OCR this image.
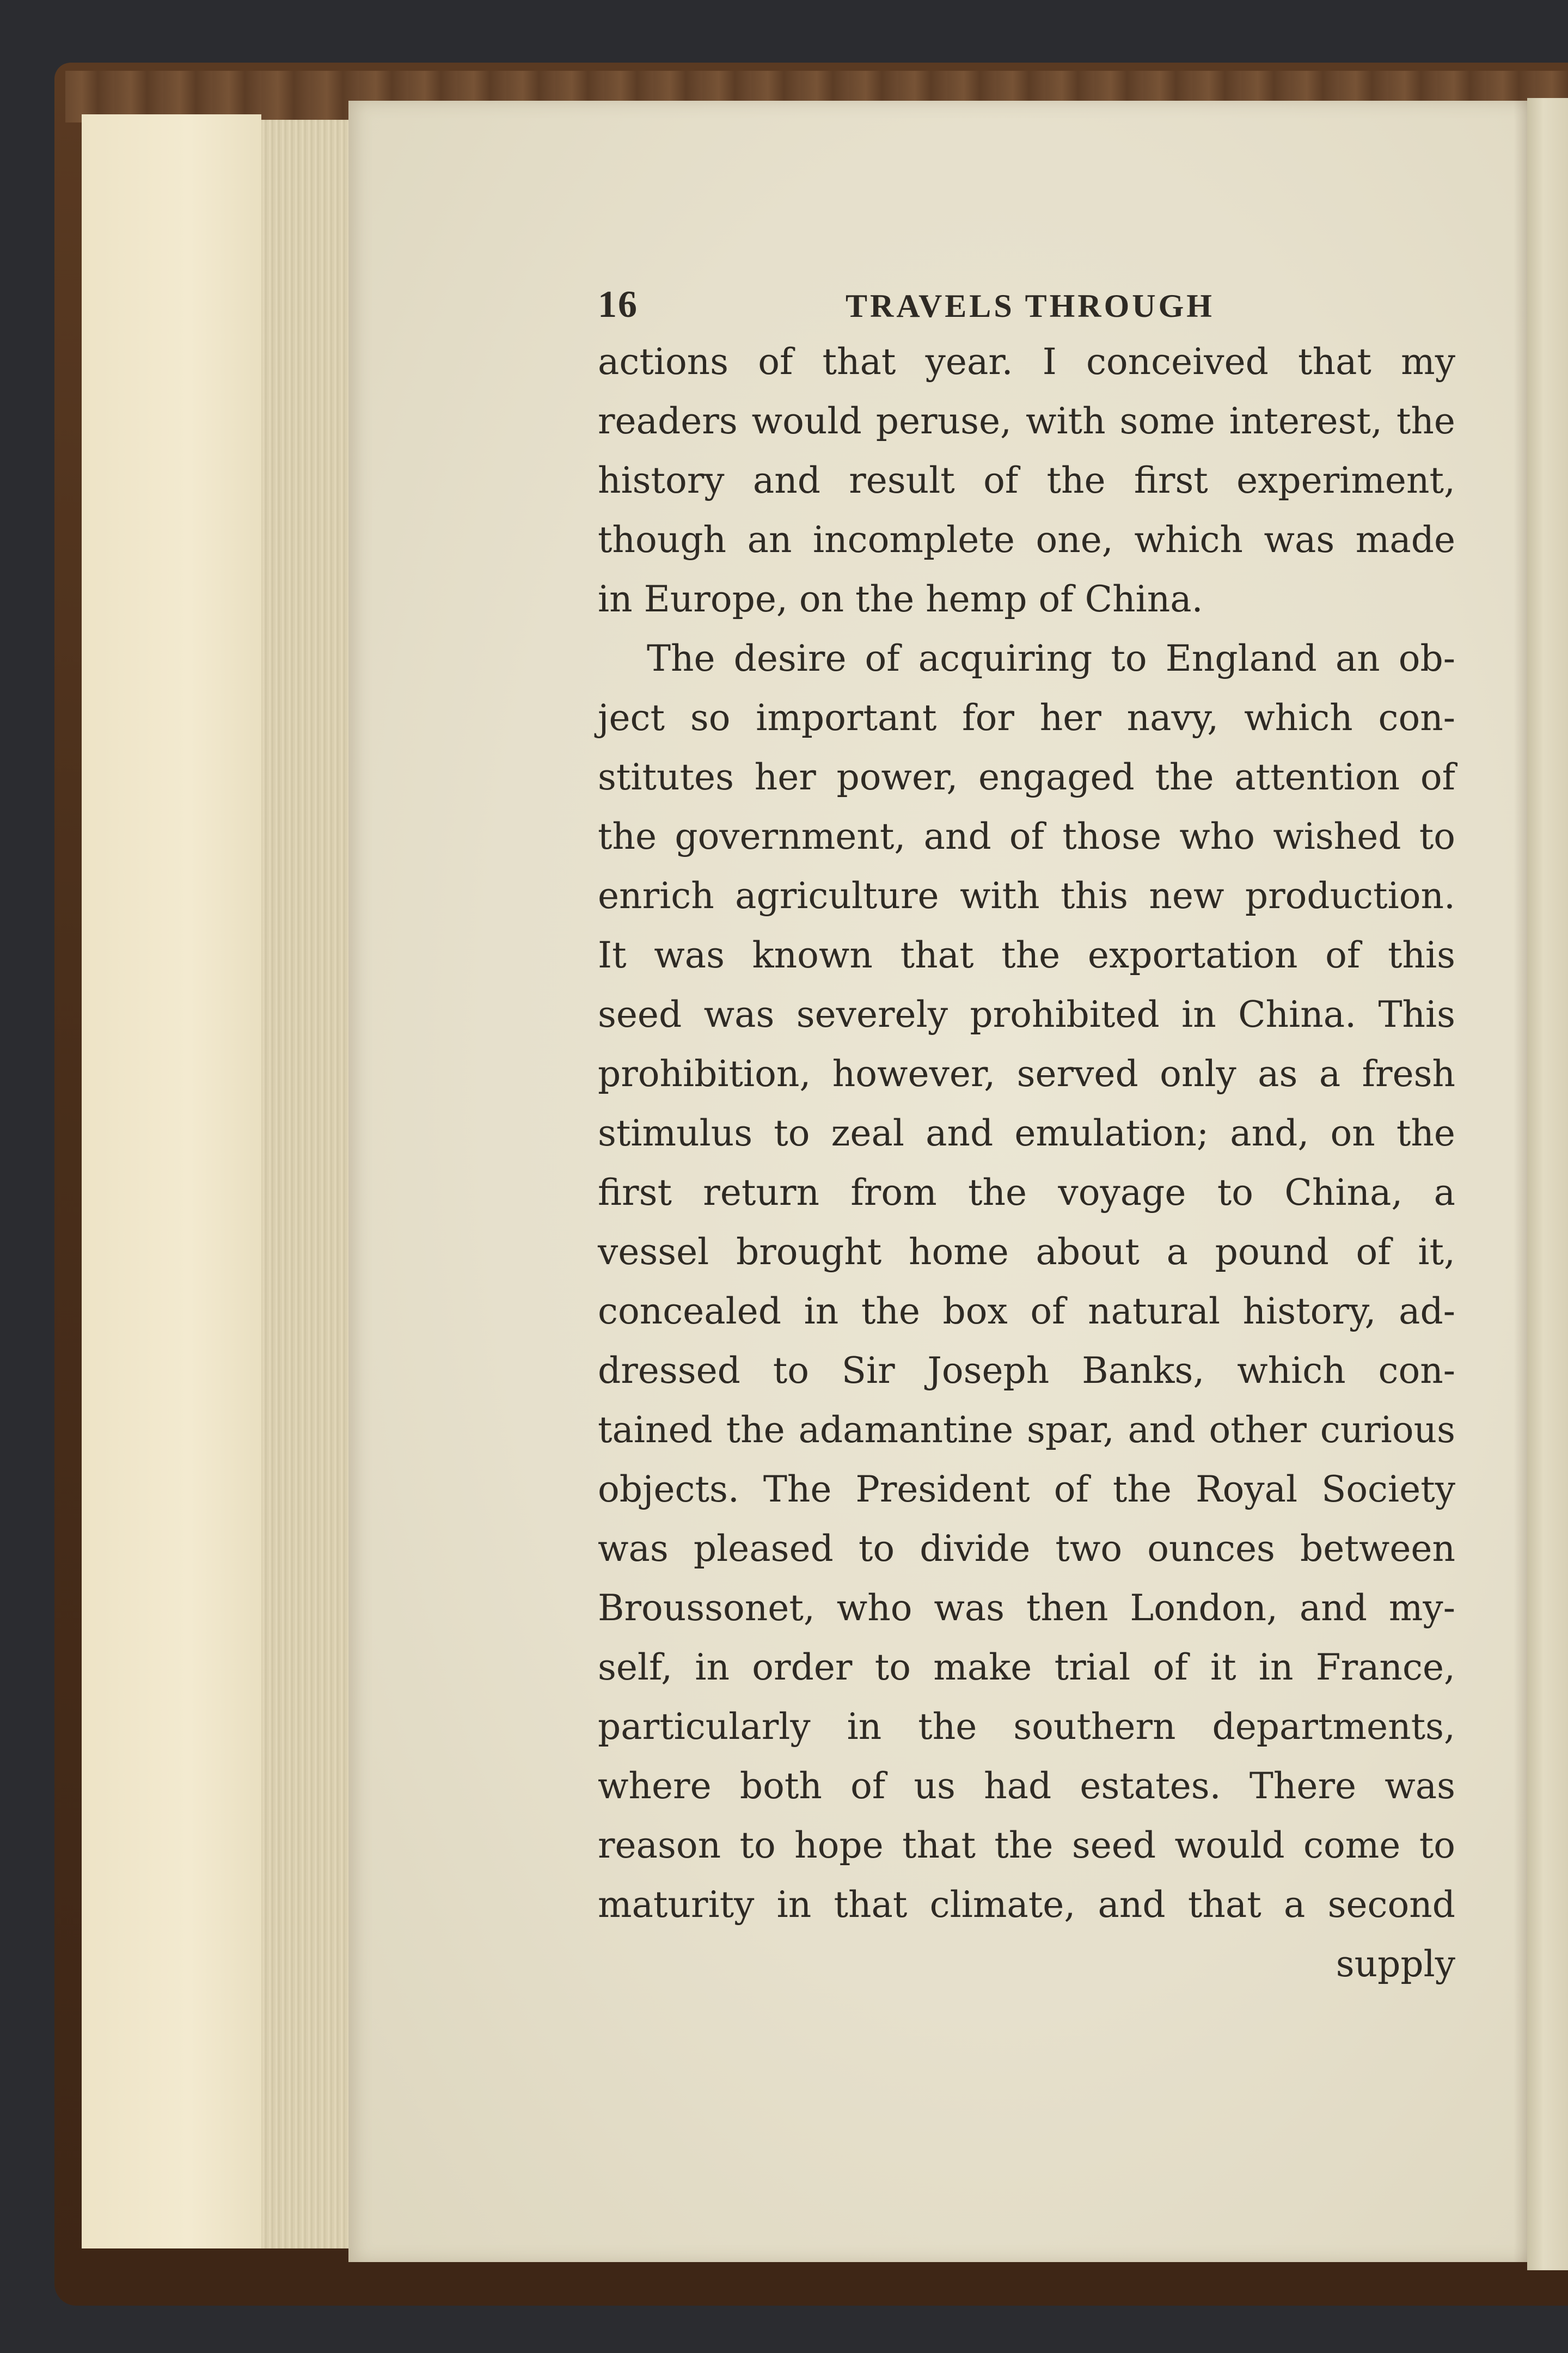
16	TRAVELS THROUGH
actions of that year. I conceived that my
readers would peruse, with some interest, the
history and result of the first experiment,
though an incomplete one, which was made
in Europe, on the hemp of China.
The desire of acquiring to England an ob-
ject so important for her navy, which con-
stitutes her power, engaged the attention of
the government, and of those who wished to
enrich agriculture with this new production.
It was known that the exportation of this
seed was severely prohibited in China. This
prohibition, however, served only as a fresh
stimulus to zeal and emulation; and, on the
first return from the voyage to China, a
vessel brought home about a pound of it,
concealed in the box of natural history, ad-
dressed to Sir Joseph Banks, which con-
tained the adamantine spar, and other curious
objects. The President of the Royal Society
was pleased to divide two ounces between
Broussonet, who was then London, and my-
self, in order to make trial of it in France,
particularly in the southern departments,
where both of us had estates. There was
reason to hope that the seed would come to
maturity in that climate, and that a second
supply
